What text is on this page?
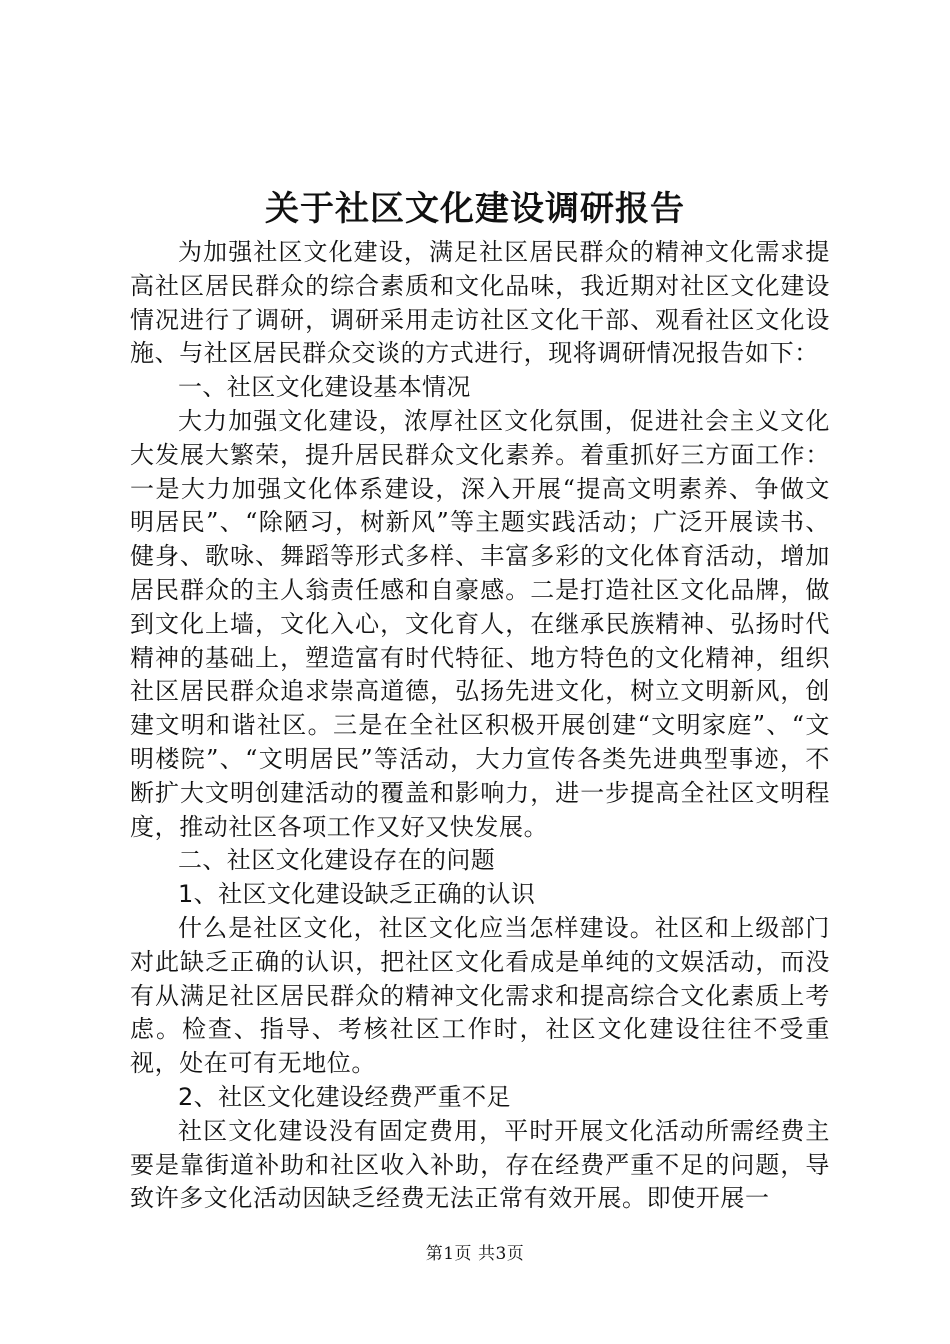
关于社区文化建设调研报告

为加强社区文化建设，满足社区居民群众的精神文化需求提高社区居民群众的综合素质和文化品味，我近期对社区文化建设情况进行了调研，调研采用走访社区文化干部、观看社区文化设施、与社区居民群众交谈的方式进行，现将调研情况报告如下：

一、社区文化建设基本情况

大力加强文化建设，浓厚社区文化氛围，促进社会主义文化大发展大繁荣，提升居民群众文化素养。着重抓好三方面工作：一是大力加强文化体系建设，深入开展“提高文明素养、争做文明居民”、“除陋习，树新风”等主题实践活动；广泛开展读书、健身、歌咏、舞蹈等形式多样、丰富多彩的文化体育活动，增加居民群众的主人翁责任感和自豪感。二是打造社区文化品牌，做到文化上墙，文化入心，文化育人，在继承民族精神、弘扬时代精神的基础上，塑造富有时代特征、地方特色的文化精神，组织社区居民群众追求崇高道德，弘扬先进文化，树立文明新风，创建文明和谐社区。三是在全社区积极开展创建“文明家庭”、“文明楼院”、“文明居民”等活动，大力宣传各类先进典型事迹，不断扩大文明创建活动的覆盖和影响力，进一步提高全社区文明程度，推动社区各项工作又好又快发展。

二、社区文化建设存在的问题

1、社区文化建设缺乏正确的认识

什么是社区文化，社区文化应当怎样建设。社区和上级部门对此缺乏正确的认识，把社区文化看成是单纯的文娱活动，而没有从满足社区居民群众的精神文化需求和提高综合文化素质上考虑。检查、指导、考核社区工作时，社区文化建设往往不受重视，处在可有无地位。

2、社区文化建设经费严重不足

社区文化建设没有固定费用，平时开展文化活动所需经费主要是靠街道补助和社区收入补助，存在经费严重不足的问题，导致许多文化活动因缺乏经费无法正常有效开展。即使开展一

第1页 共3页
